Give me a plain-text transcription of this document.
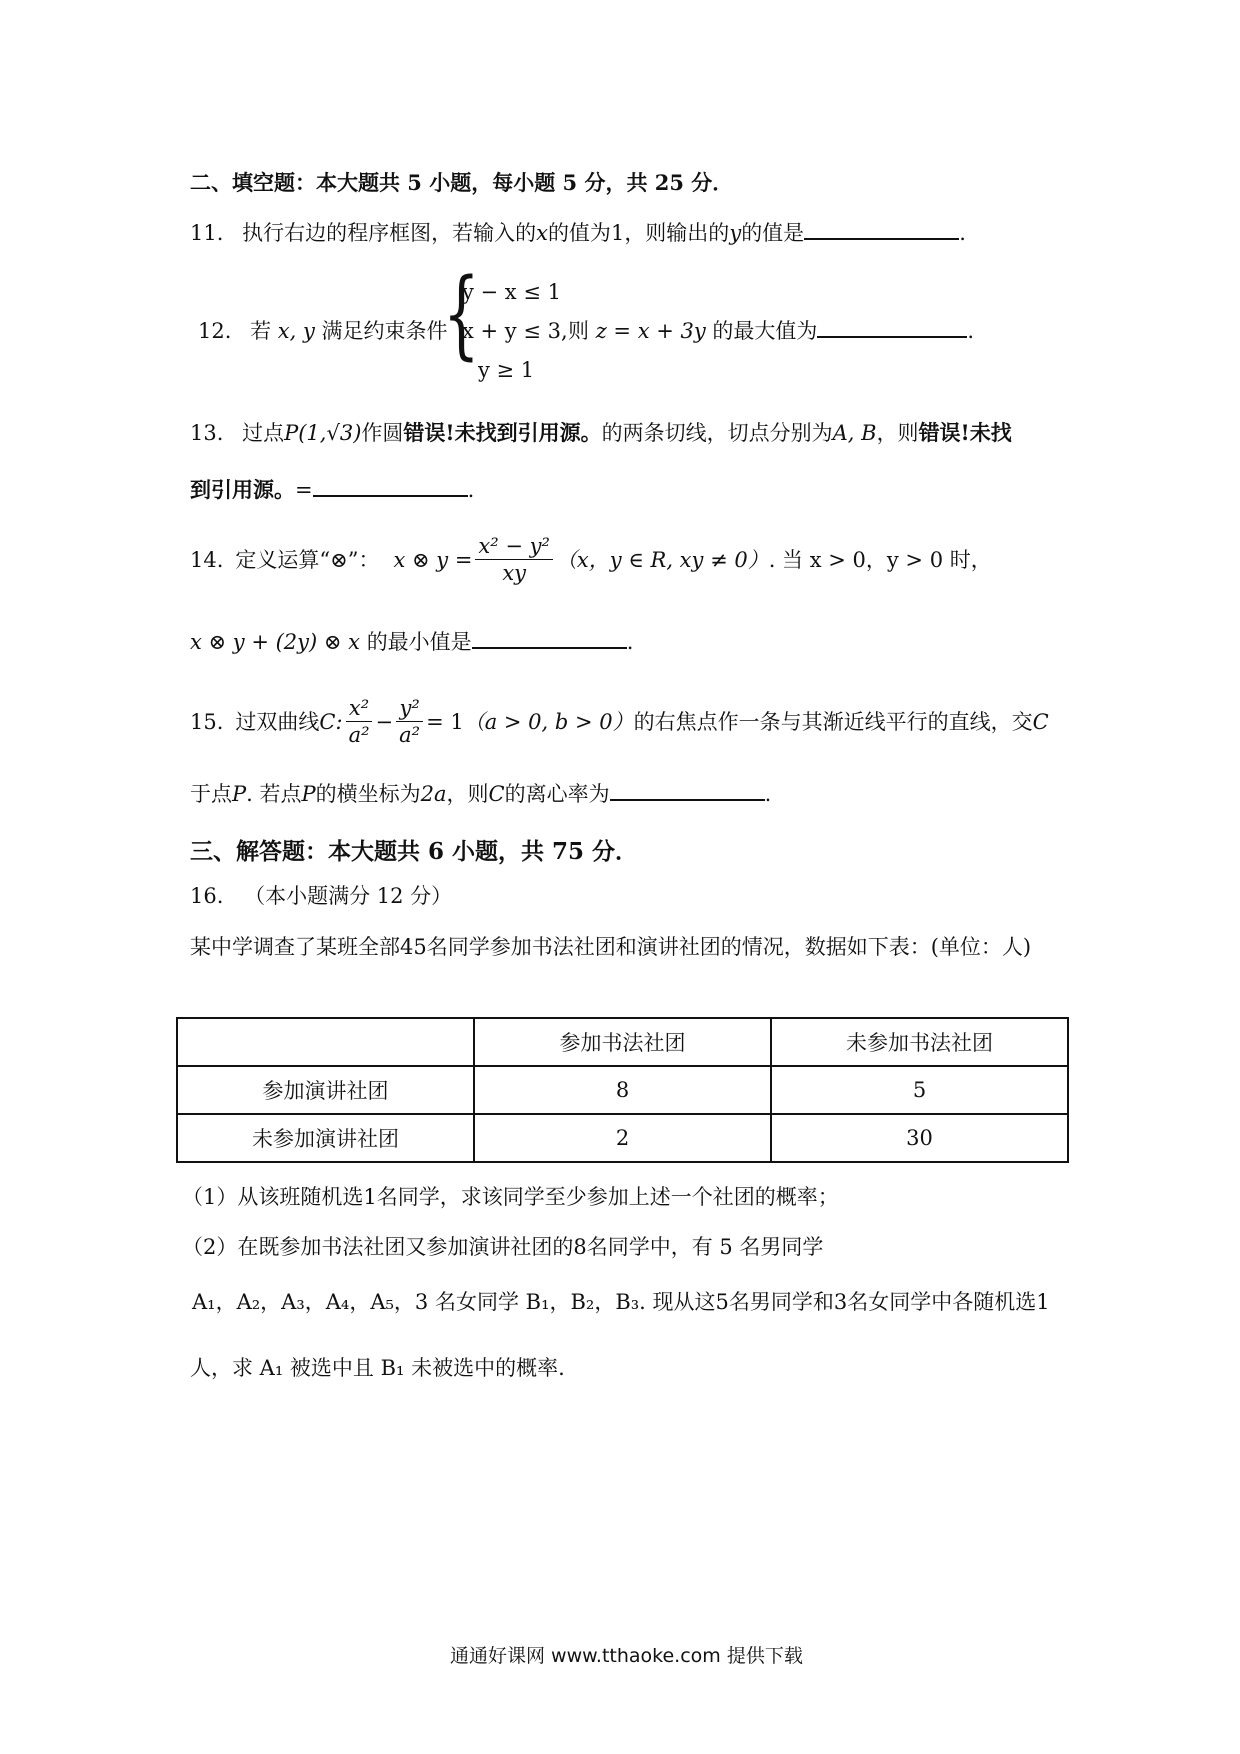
二、填空题：本大题共 5 小题，每小题 5 分，共 25 分．
11. 执行右边的程序框图，若输入的x的值为1，则输出的y的值是	.
12. 若 x, y 满足约束条件
{
y − x ≤ 1
x + y ≤ 3,
y ≥ 1
则 z = x + 3y 的最大值为	.
13. 过点P(1,√3)作圆错误!未找到引用源。的两条切线，切点分别为A, B，则错误!未找
到引用源。=	.
14. 定义运算“⊗”： x ⊗ $y = \frac{\text{x² − y²}}{xy} (x$，y ∈ R, xy ≠ 0） . 当 x > 0，y > 0 时，
x ⊗ y + (2y) ⊗ x 的最小值是	.
15. 过双曲线 C: $\frac{\text{x²}}{\text{a²}} - \frac{\text{y²}}{\text{a²}} = 1$ （a > 0, b > 0） 的右焦点作一条与其渐近线平行的直线，交 C
于点P. 若点P的横坐标为2a，则C的离心率为	.
三、解答题：本大题共 6 小题，共 75 分．
16. （本小题满分 12 分）
某中学调查了某班全部45名同学参加书法社团和演讲社团的情况，数据如下表：(单位：人)
	参加书法社团	未参加书法社团
参加演讲社团	8	5
未参加演讲社团	2	30
（1）从该班随机选1名同学，求该同学至少参加上述一个社团的概率；
（2）在既参加书法社团又参加演讲社团的8名同学中，有 5 名男同学
A₁，A₂，A₃，A₄，A₅，3 名女同学 B₁，B₂，B₃. 现从这5名男同学和3名女同学中各随机选1
人，求 A₁ 被选中且 B₁ 未被选中的概率.
通通好课网 www.tthaoke.com 提供下载
